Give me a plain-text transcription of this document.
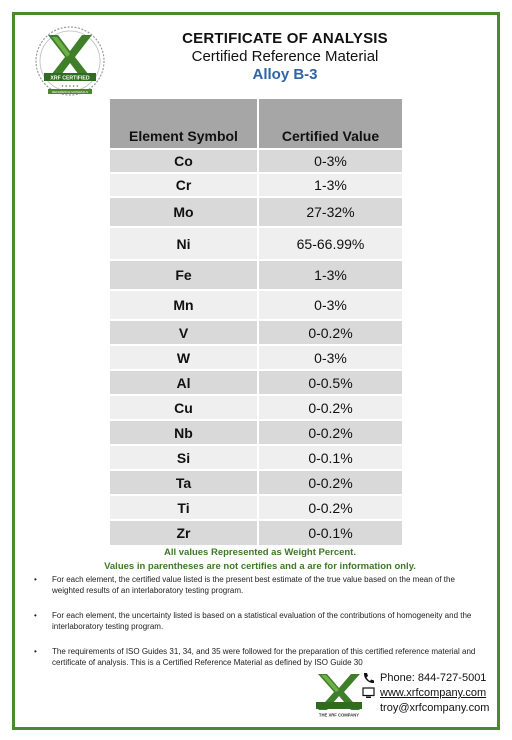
XRF CERTIFIED
★ ★ ★ ★ ★
REFERENCE MATERIALS
CERTIFICATE OF ANALYSIS
Certified Reference Material
Alloy B-3
Element Symbol	Certified Value
Co	0-3%
Cr	1-3%
Mo	27-32%
Ni	65-66.99%
Fe	1-3%
Mn	0-3%
V	0-0.2%
W	0-3%
Al	0-0.5%
Cu	0-0.2%
Nb	0-0.2%
Si	0-0.1%
Ta	0-0.2%
Ti	0-0.2%
Zr	0-0.1%
All values Represented as Weight Percent.
Values in parentheses are not certifies and a are for information only.
• For each element, the certified value listed is the present best estimate of the true value based on the mean of the weighted results of an interlaboratory testing program.
• For each element, the uncertainty listed is based on a statistical evaluation of the contributions of homogeneity and the interlaboratory testing program.
• The requirements of ISO Guides 31, 34, and 35 were followed for the preparation of this certified reference material and certificate of analysis. This is a Certified Reference Material as defined by ISO Guide 30
THE XRF COMPANY
Phone: 844-727-5001
www.xrfcompany.com
troy@xrfcompany.com
